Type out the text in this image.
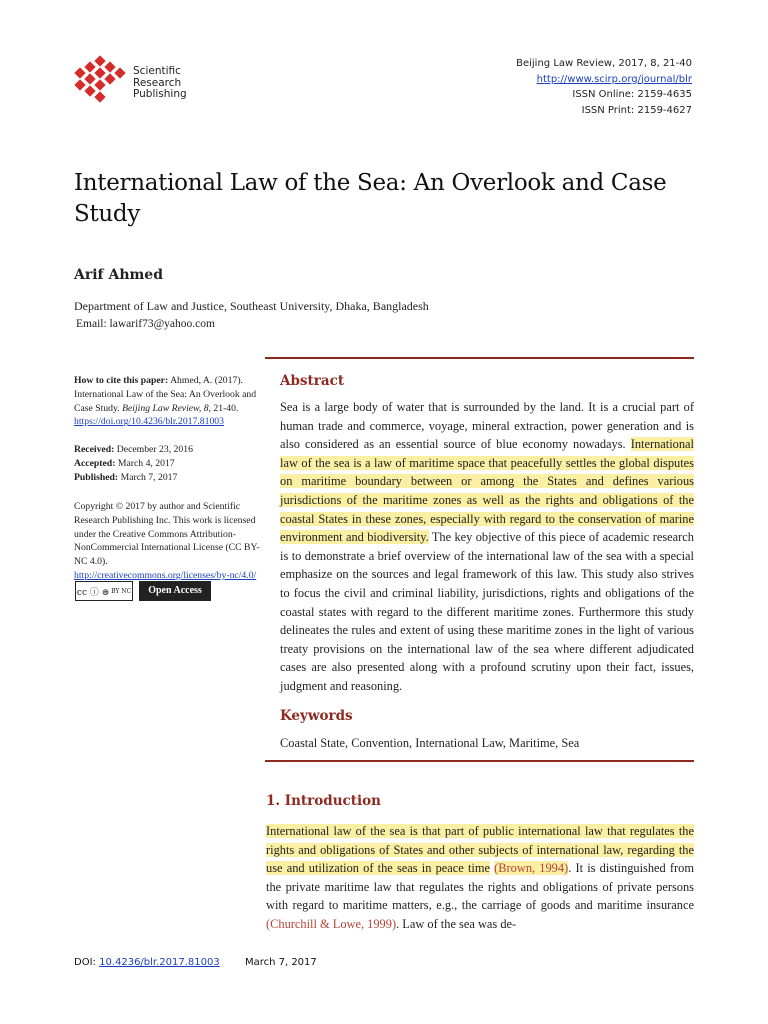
Scientific
Research
Publishing
Beijing Law Review, 2017, 8, 21-40
http://www.scirp.org/journal/blr
ISSN Online: 2159-4635
ISSN Print: 2159-4627
International Law of the Sea: An Overlook and Case Study
Arif Ahmed
Department of Law and Justice, Southeast University, Dhaka, Bangladesh
Email: lawarif73@yahoo.com
How to cite this paper: Ahmed, A. (2017). International Law of the Sea: An Overlook and Case Study. Beijing Law Review, 8, 21-40. https://doi.org/10.4236/blr.2017.81003
Received: December 23, 2016
Accepted: March 4, 2017
Published: March 7, 2017
Copyright © 2017 by author and Scientific Research Publishing Inc. This work is licensed under the Creative Commons Attribution-NonCommercial International License (CC BY-NC 4.0).
http://creativecommons.org/licenses/by-nc/4.0/
cc ⓘ ⊜ BY NC	Open Access
Abstract
Sea is a large body of water that is surrounded by the land. It is a crucial part of human trade and commerce, voyage, mineral extraction, power generation and is also considered as an essential source of blue economy nowadays. International law of the sea is a law of maritime space that peacefully settles the global disputes on maritime boundary between or among the States and defines various jurisdictions of the maritime zones as well as the rights and obligations of the coastal States in these zones, especially with regard to the conservation of marine environment and biodiversity. The key objective of this piece of academic research is to demonstrate a brief overview of the international law of the sea with a special emphasize on the sources and legal framework of this law. This study also strives to focus the civil and criminal liability, jurisdictions, rights and obligations of the coastal states with regard to the different maritime zones. Furthermore this study delineates the rules and extent of using these maritime zones in the light of various treaty provisions on the international law of the sea where different adjudicated cases are also presented along with a profound scrutiny upon their fact, issues, judgment and reasoning.
Keywords
Coastal State, Convention, International Law, Maritime, Sea
1. Introduction
International law of the sea is that part of public international law that regulates the rights and obligations of States and other subjects of international law, regarding the use and utilization of the seas in peace time (Brown, 1994). It is distinguished from the private maritime law that regulates the rights and obligations of private persons with regard to maritime matters, e.g., the carriage of goods and maritime insurance (Churchill & Lowe, 1999). Law of the sea was de-
DOI: 10.4236/blr.2017.81003	March 7, 2017
